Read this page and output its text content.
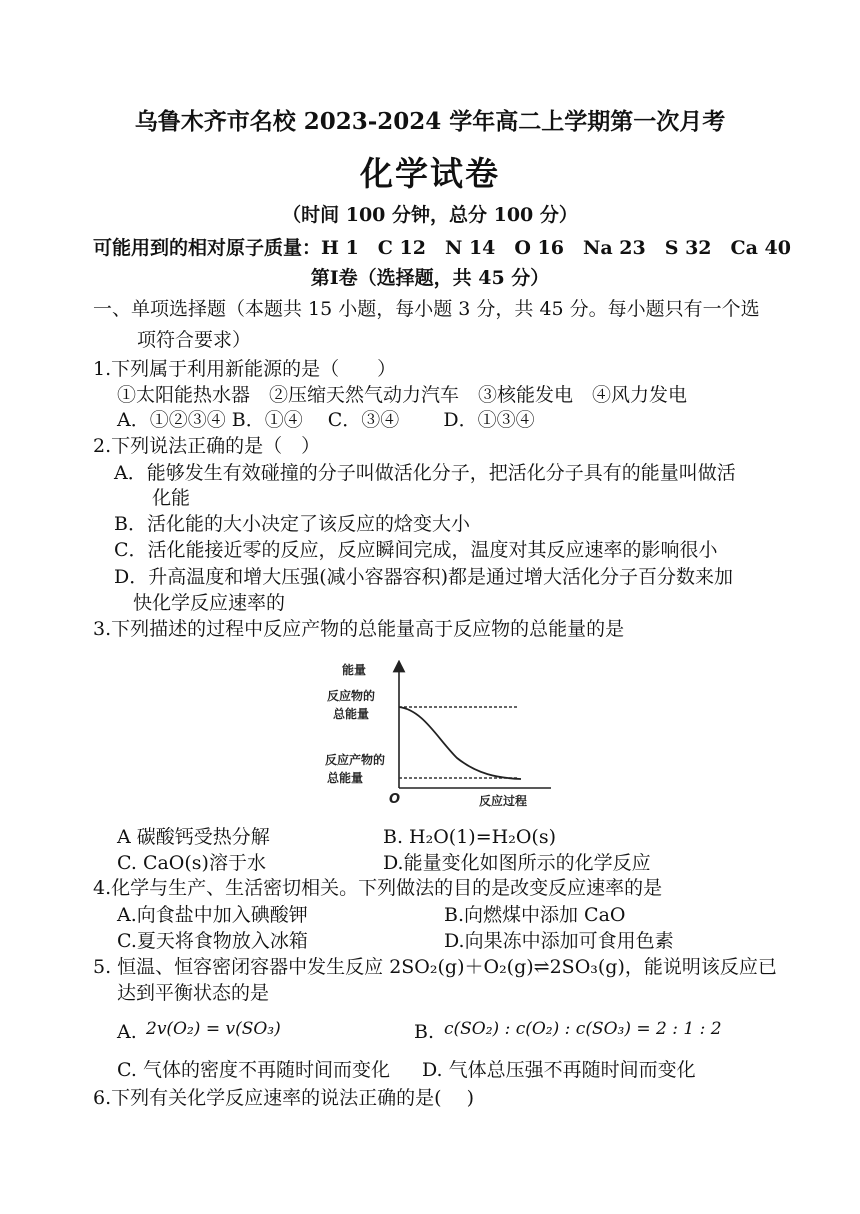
乌鲁木齐市名校 2023-2024 学年高二上学期第一次月考
化学试卷
（时间 100 分钟，总分 100 分）
可能用到的相对原子质量：H 1　C 12　N 14　O 16　Na 23　S 32　Ca 40
第Ⅰ卷（选择题，共 45 分）
一、单项选择题（本题共 15 小题，每小题 3 分，共 45 分。每小题只有一个选
项符合要求）
1.下列属于利用新能源的是（　　）
①太阳能热水器　②压缩天然气动力汽车　③核能发电　④风力发电
A．①②③④ B．①④　 C．③④　　 D．①③④
2.下列说法正确的是（　）
A．能够发生有效碰撞的分子叫做活化分子，把活化分子具有的能量叫做活
化能
B．活化能的大小决定了该反应的焓变大小
C．活化能接近零的反应，反应瞬间完成，温度对其反应速率的影响很小
D．升高温度和增大压强(减小容器容积)都是通过增大活化分子百分数来加
快化学反应速率的
3.下列描述的过程中反应产物的总能量高于反应物的总能量的是
能量
反应物的
总能量
反应产物的
总能量
O	反应过程
A 碳酸钙受热分解	B. H₂O(1)=H₂O(s)
C. CaO(s)溶于水	D.能量变化如图所示的化学反应
4.化学与生产、生活密切相关。下列做法的目的是改变反应速率的是
A.向食盐中加入碘酸钾	B.向燃煤中添加 CaO
C.夏天将食物放入冰箱	D.向果冻中添加可食用色素
5. 恒温、恒容密闭容器中发生反应 2SO₂(g)＋O₂(g)⇌2SO₃(g)，能说明该反应已
达到平衡状态的是
A. 2v(O₂) = v(SO₃)	B. c(SO₂) : c(O₂) : c(SO₃) = 2 : 1 : 2
C. 气体的密度不再随时间而变化 D. 气体总压强不再随时间而变化
6.下列有关化学反应速率的说法正确的是(　 )
